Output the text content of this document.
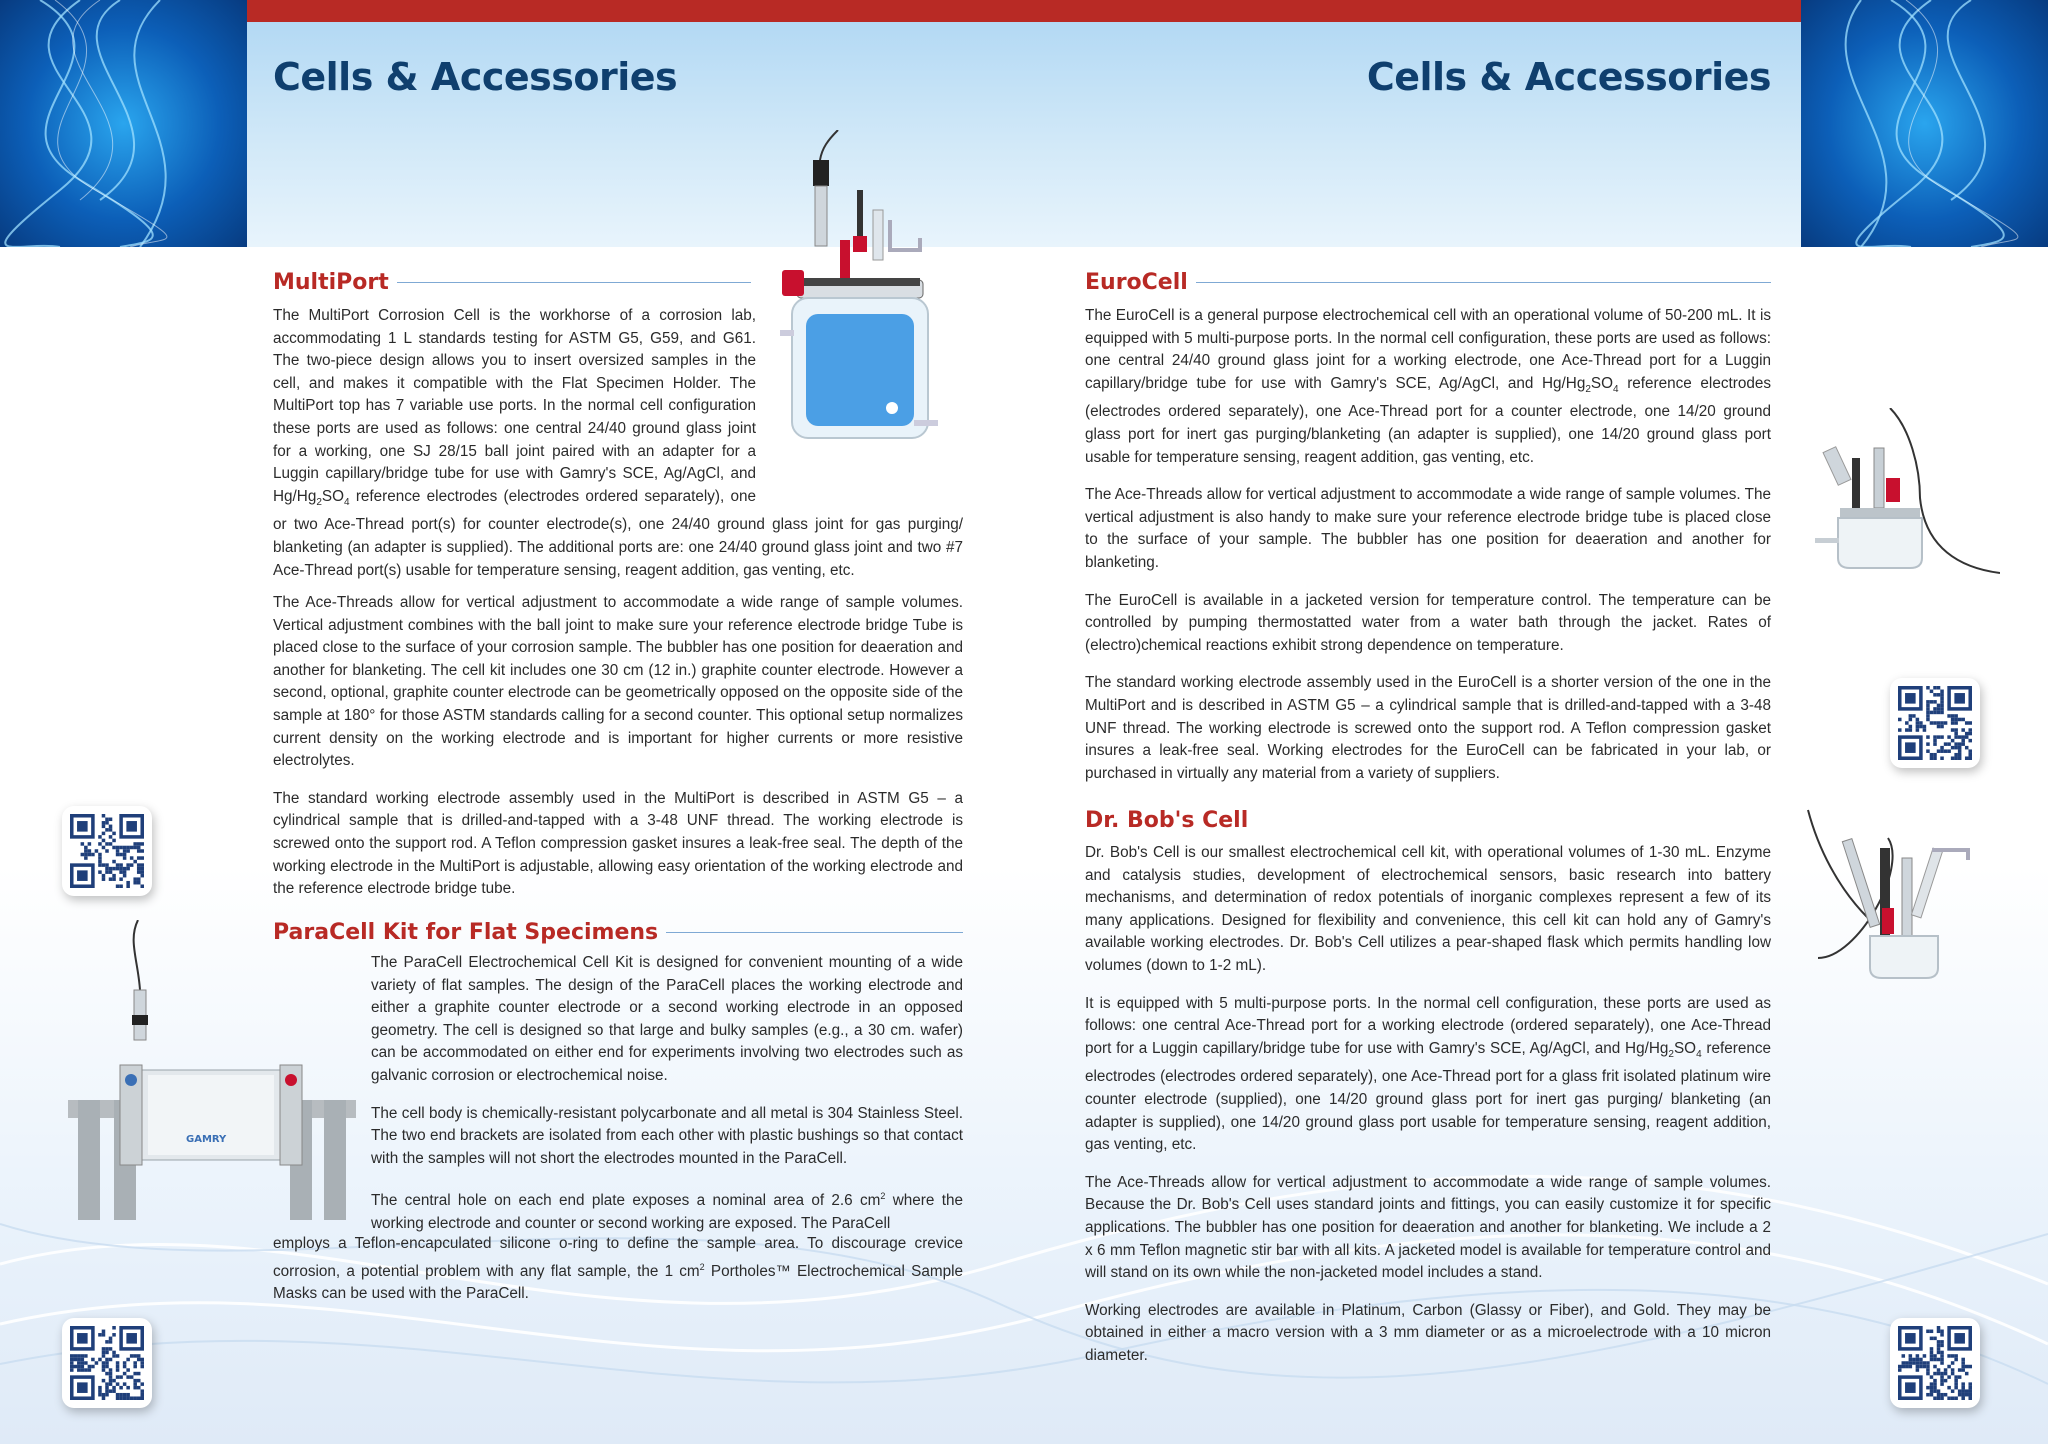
Cells & Accessories	Cells & Accessories
MultiPort

The MultiPort Corrosion Cell is the workhorse of a corrosion lab,
accommodating 1 L standards testing for ASTM G5, G59, and G61.
The two-piece design allows you to insert oversized samples in the
cell, and makes it compatible with the Flat Specimen Holder. The
MultiPort top has 7 variable use ports. In the normal cell configuration
these ports are used as follows: one central 24/40 ground glass joint
for a working, one SJ 28/15 ball joint paired with an adapter for a
Luggin capillary/bridge tube for use with Gamry's SCE, Ag/AgCl, and
$Hg/Hg_2SO_4$ reference electrodes (electrodes ordered separately), one
or two Ace-Thread port(s) for counter electrode(s), one 24/40 ground glass joint for gas purging/ blanketing (an adapter is supplied). The additional ports are: one 24/40 ground glass joint and two #7 Ace-Thread port(s) usable for temperature sensing, reagent addition, gas venting, etc.

The Ace-Threads allow for vertical adjustment to accommodate a wide range of sample volumes. Vertical adjustment combines with the ball joint to make sure your reference electrode bridge Tube is placed close to the surface of your corrosion sample. The bubbler has one position for deaeration and another for blanketing. The cell kit includes one 30 cm (12 in.) graphite counter electrode. However a second, optional, graphite counter electrode can be geometrically opposed on the opposite side of the sample at 180° for those ASTM standards calling for a second counter. This optional setup normalizes current density on the working electrode and is important for higher currents or more resistive electrolytes.

The standard working electrode assembly used in the MultiPort is described in ASTM G5 – a cylindrical sample that is drilled-and-tapped with a 3-48 UNF thread. The working electrode is screwed onto the support rod. A Teflon compression gasket insures a leak-free seal. The depth of the working electrode in the MultiPort is adjustable, allowing easy orientation of the working electrode and the reference electrode bridge tube.

ParaCell Kit for Flat Specimens
GAMRY

The ParaCell Electrochemical Cell Kit is designed for convenient mounting of a wide variety of flat samples. The design of the ParaCell places the working electrode and either a graphite counter electrode or a second working electrode in an opposed geometry. The cell is designed so that large and bulky samples (e.g., a 30 cm. wafer) can be accommodated on either end for experiments involving two electrodes such as galvanic corrosion or electrochemical noise.

The cell body is chemically-resistant polycarbonate and all metal is 304 Stainless Steel. The two end brackets are isolated from each other with plastic bushings so that contact with the samples will not short the electrodes mounted in the ParaCell.

The central hole on each end plate exposes a nominal area of 2.6 $cm^2$ where the working electrode and counter or second working are exposed. The ParaCell

employs a Teflon-encapculated silicone o-ring to define the sample area. To discourage crevice corrosion, a potential problem with any flat sample, the 1 $cm^2$ Portholes™ Electrochemical Sample Masks can be used with the ParaCell.

EuroCell

The EuroCell is a general purpose electrochemical cell with an operational volume of 50-200 mL. It is equipped with 5 multi-purpose ports. In the normal cell configuration, these ports are used as follows: one central 24/40 ground glass joint for a working electrode, one Ace-Thread port for a Luggin capillary/bridge tube for use with Gamry's SCE, Ag/AgCl, and $Hg/Hg_2SO_4$ reference electrodes (electrodes ordered separately), one Ace-Thread port for a counter electrode, one 14/20 ground glass port for inert gas purging/blanketing (an adapter is supplied), one 14/20 ground glass port usable for temperature sensing, reagent addition, gas venting, etc.

The Ace-Threads allow for vertical adjustment to accommodate a wide range of sample volumes. The vertical adjustment is also handy to make sure your reference electrode bridge tube is placed close to the surface of your sample. The bubbler has one position for deaeration and another for blanketing.

The EuroCell is available in a jacketed version for temperature control. The temperature can be controlled by pumping thermostatted water from a water bath through the jacket. Rates of (electro)chemical reactions exhibit strong dependence on temperature.

The standard working electrode assembly used in the EuroCell is a shorter version of the one in the MultiPort and is described in ASTM G5 – a cylindrical sample that is drilled-and-tapped with a 3-48 UNF thread. The working electrode is screwed onto the support rod. A Teflon compression gasket insures a leak-free seal. Working electrodes for the EuroCell can be fabricated in your lab, or purchased in virtually any material from a variety of suppliers.

Dr. Bob's Cell

Dr. Bob's Cell is our smallest electrochemical cell kit, with operational volumes of 1-30 mL. Enzyme and catalysis studies, development of electrochemical sensors, basic research into battery mechanisms, and determination of redox potentials of inorganic complexes represent a few of its many applications. Designed for flexibility and convenience, this cell kit can hold any of Gamry's available working electrodes. Dr. Bob's Cell utilizes a pear-shaped flask which permits handling low volumes (down to 1-2 mL).

It is equipped with 5 multi-purpose ports. In the normal cell configuration, these ports are used as follows: one central Ace-Thread port for a working electrode (ordered separately), one Ace-Thread port for a Luggin capillary/bridge tube for use with Gamry's SCE, Ag/AgCl, and $Hg/Hg_2SO_4$ reference electrodes (electrodes ordered separately), one Ace-Thread port for a glass frit isolated platinum wire counter electrode (supplied), one 14/20 ground glass port for inert gas purging/ blanketing (an adapter is supplied), one 14/20 ground glass port usable for temperature sensing, reagent addition, gas venting, etc.

The Ace-Threads allow for vertical adjustment to accommodate a wide range of sample volumes. Because the Dr. Bob's Cell uses standard joints and fittings, you can easily customize it for specific applications. The bubbler has one position for deaeration and another for blanketing. We include a 2 x 6 mm Teflon magnetic stir bar with all kits. A jacketed model is available for temperature control and will stand on its own while the non-jacketed model includes a stand.

Working electrodes are available in Platinum, Carbon (Glassy or Fiber), and Gold. They may be obtained in either a macro version with a 3 mm diameter or as a microelectrode with a 10 micron diameter.
